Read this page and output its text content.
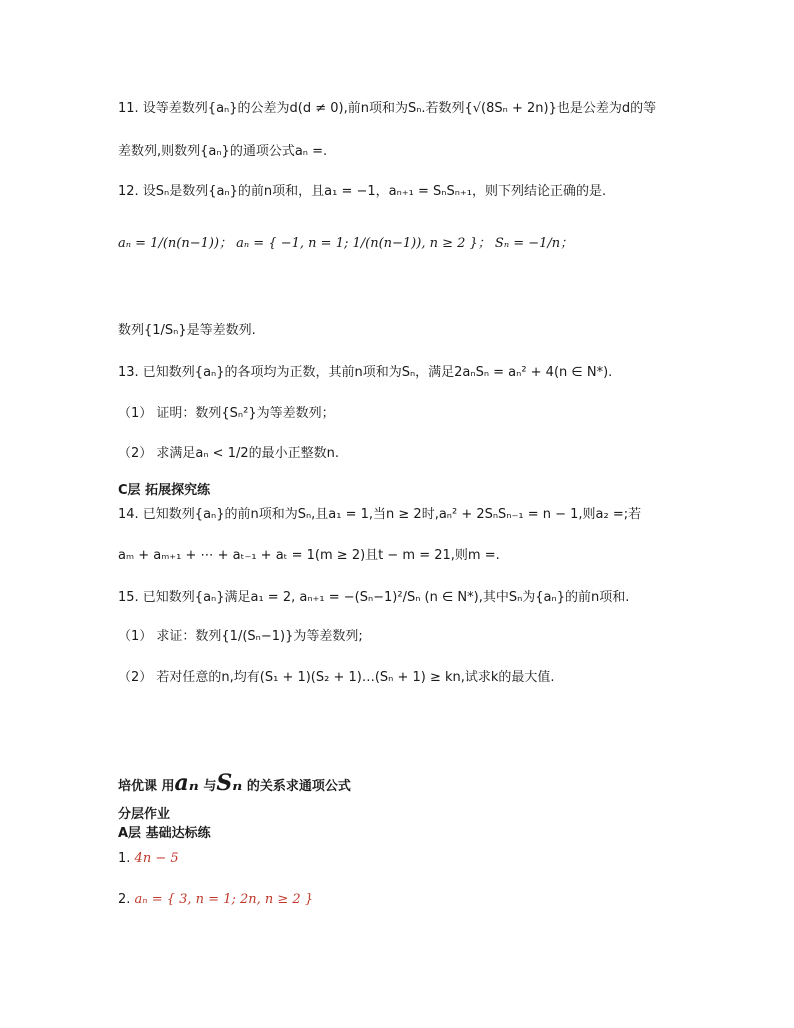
11. 设等差数列{aₙ}的公差为d(d ≠ 0),前n项和为Sₙ.若数列{√(8Sₙ + 2n)}也是公差为d的等
差数列,则数列{aₙ}的通项公式aₙ =.
12. 设Sₙ是数列{aₙ}的前n项和，且a₁ = −1，aₙ₊₁ = SₙSₙ₊₁，则下列结论正确的是.
aₙ = 1/(n(n−1))； aₙ = { −1, n = 1; 1/(n(n−1)), n ≥ 2 }； Sₙ = −1/n；
数列{1/Sₙ}是等差数列.
13. 已知数列{aₙ}的各项均为正数，其前n项和为Sₙ，满足2aₙSₙ = aₙ² + 4(n ∈ N*).
（1） 证明：数列{Sₙ²}为等差数列；
（2） 求满足aₙ < 1/2的最小正整数n.
C层 拓展探究练
14. 已知数列{aₙ}的前n项和为Sₙ,且a₁ = 1,当n ≥ 2时,aₙ² + 2SₙSₙ₋₁ = n − 1,则a₂ =;若
aₘ + aₘ₊₁ + ⋯ + aₜ₋₁ + aₜ = 1(m ≥ 2)且t − m = 21,则m =.
15. 已知数列{aₙ}满足a₁ = 2, aₙ₊₁ = −(Sₙ−1)²/Sₙ (n ∈ N*),其中Sₙ为{aₙ}的前n项和.
（1） 求证：数列{1/(Sₙ−1)}为等差数列;
（2） 若对任意的n,均有(S₁ + 1)(S₂ + 1)…(Sₙ + 1) ≥ kn,试求k的最大值.
培优课 用aₙ 与Sₙ 的关系求通项公式
分层作业
A层 基础达标练
1. 4n − 5
2. aₙ = { 3, n = 1; 2n, n ≥ 2 }
